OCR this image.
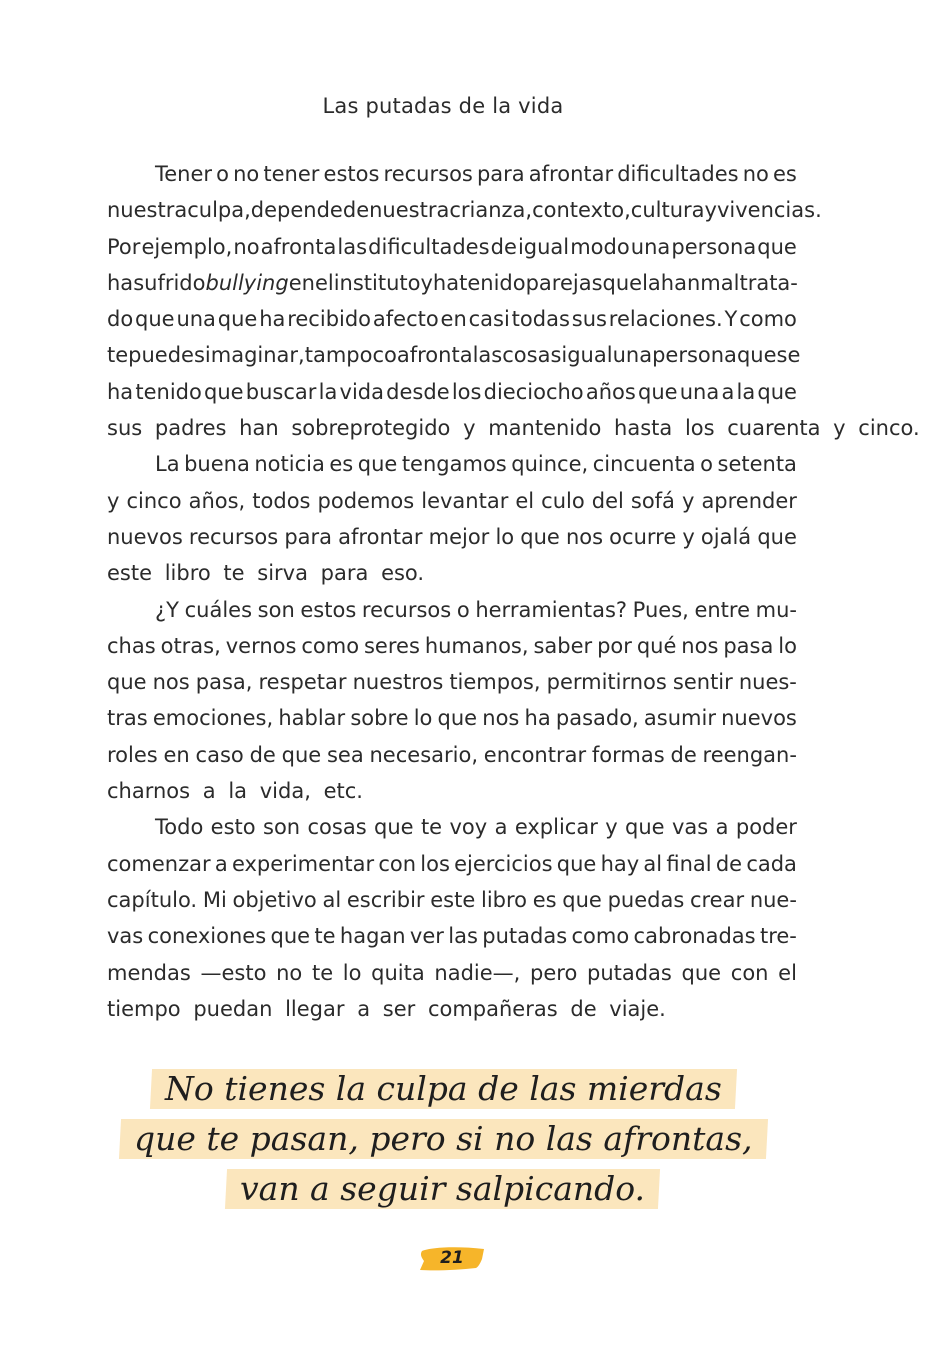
Las putadas de la vida
Tener o no tener estos recursos para afrontar dificultades no es
nuestra culpa, depende de nuestra crianza, contexto, cultura y vivencias.
Por ejemplo, no afronta las dificultades de igual modo una persona que
ha sufrido bullying en el instituto y ha tenido parejas que la han maltrata-
do que una que ha recibido afecto en casi todas sus relaciones. Y como
te puedes imaginar, tampoco afronta las cosas igual una persona que se
ha tenido que buscar la vida desde los dieciocho años que una a la que
sus padres han sobreprotegido y mantenido hasta los cuarenta y cinco.
La buena noticia es que tengamos quince, cincuenta o setenta
y cinco años, todos podemos levantar el culo del sofá y aprender
nuevos recursos para afrontar mejor lo que nos ocurre y ojalá que
este libro te sirva para eso.
¿Y cuáles son estos recursos o herramientas? Pues, entre mu-
chas otras, vernos como seres humanos, saber por qué nos pasa lo
que nos pasa, respetar nuestros tiempos, permitirnos sentir nues-
tras emociones, hablar sobre lo que nos ha pasado, asumir nuevos
roles en caso de que sea necesario, encontrar formas de reengan-
charnos a la vida, etc.
Todo esto son cosas que te voy a explicar y que vas a poder
comenzar a experimentar con los ejercicios que hay al final de cada
capítulo. Mi objetivo al escribir este libro es que puedas crear nue-
vas conexiones que te hagan ver las putadas como cabronadas tre-
mendas —esto no te lo quita nadie—, pero putadas que con el
tiempo puedan llegar a ser compañeras de viaje.
No tienes la culpa de las mierdas
que te pasan, pero si no las afrontas,
van a seguir salpicando.
21
